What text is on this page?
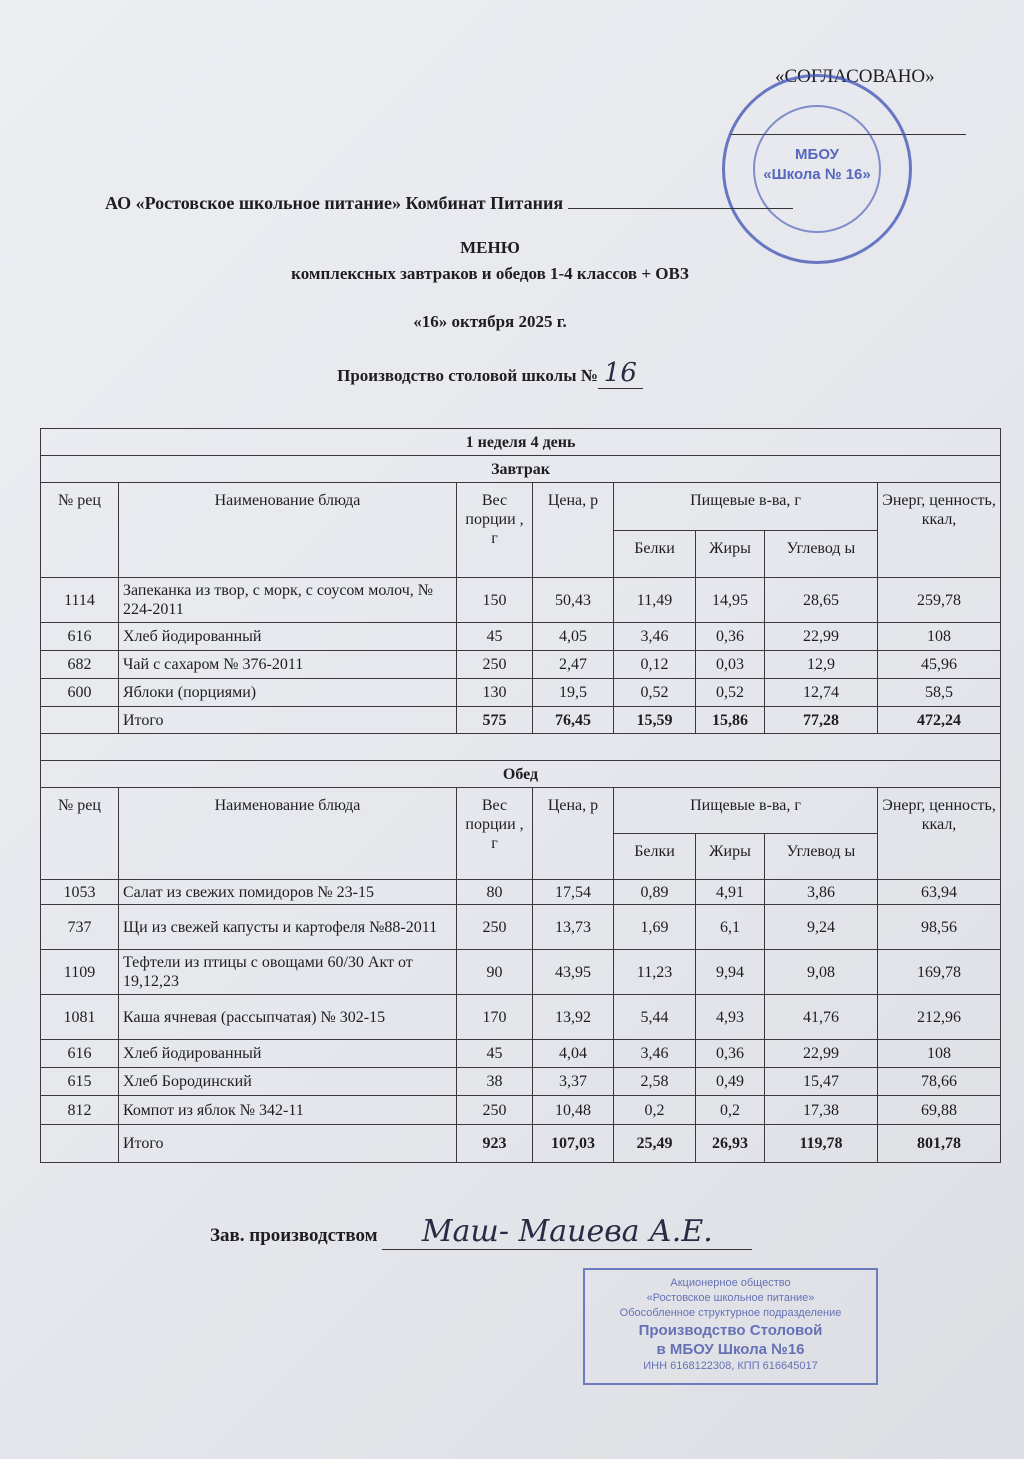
«СОГЛАСОВАНО»
МБОУ
«Школа № 16»
АО «Ростовское школьное питание» Комбинат Питания
МЕНЮ
комплексных завтраков и обедов 1-4 классов + ОВЗ
«16» октября 2025 г.
Производство столовой школы № 16
1 неделя 4 день							
Завтрак							
№ рец	Наименование блюда	Вес порции , г	Цена, р	Пищевые в-ва, г			Энерг, ценность, ккал,
				Белки	Жиры	Углевод ы	
1114	Запеканка из твор, с морк, с соусом молоч, № 224-2011	150	50,43	11,49	14,95	28,65	259,78
616	Хлеб йодированный	45	4,05	3,46	0,36	22,99	108
682	Чай с сахаром № 376-2011	250	2,47	0,12	0,03	12,9	45,96
600	Яблоки (порциями)	130	19,5	0,52	0,52	12,74	58,5
	Итого	575	76,45	15,59	15,86	77,28	472,24

Обед							
№ рец	Наименование блюда	Вес порции , г	Цена, р	Пищевые в-ва, г			Энерг, ценность, ккал,
				Белки	Жиры	Углевод ы	
1053	Салат из свежих помидоров № 23-15	80	17,54	0,89	4,91	3,86	63,94
737	Щи из свежей капусты и картофеля №88-2011	250	13,73	1,69	6,1	9,24	98,56
1109	Тефтели из птицы с овощами 60/30 Акт от 19,12,23	90	43,95	11,23	9,94	9,08	169,78
1081	Каша ячневая (рассыпчатая) № 302-15	170	13,92	5,44	4,93	41,76	212,96
616	Хлеб йодированный	45	4,04	3,46	0,36	22,99	108
615	Хлеб Бородинский	38	3,37	2,58	0,49	15,47	78,66
812	Компот из яблок № 342-11	250	10,48	0,2	0,2	17,38	69,88
	Итого	923	107,03	25,49	26,93	119,78	801,78
Зав. производством Маш- Маиева А.Е.
Акционерное общество
«Ростовское школьное питание»
Обособленное структурное подразделение
Производство Столовой
в МБОУ Школа №16
ИНН 6168122308, КПП 616645017
